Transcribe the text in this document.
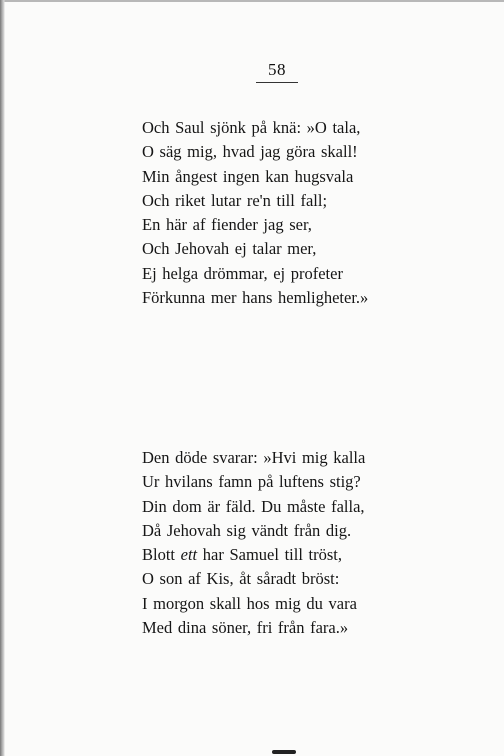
58
Och Saul sjönk på knä: »O tala,
O säg mig, hvad jag göra skall!
Min ångest ingen kan hugsvala
Och riket lutar re'n till fall;
En här af fiender jag ser,
Och Jehovah ej talar mer,
Ej helga drömmar, ej profeter
Förkunna mer hans hemligheter.»
Den döde svarar: »Hvi mig kalla
Ur hvilans famn på luftens stig?
Din dom är fäld. Du måste falla,
Då Jehovah sig vändt från dig.
Blott ett har Samuel till tröst,
O son af Kis, åt såradt bröst:
I morgon skall hos mig du vara
Med dina söner, fri från fara.»
